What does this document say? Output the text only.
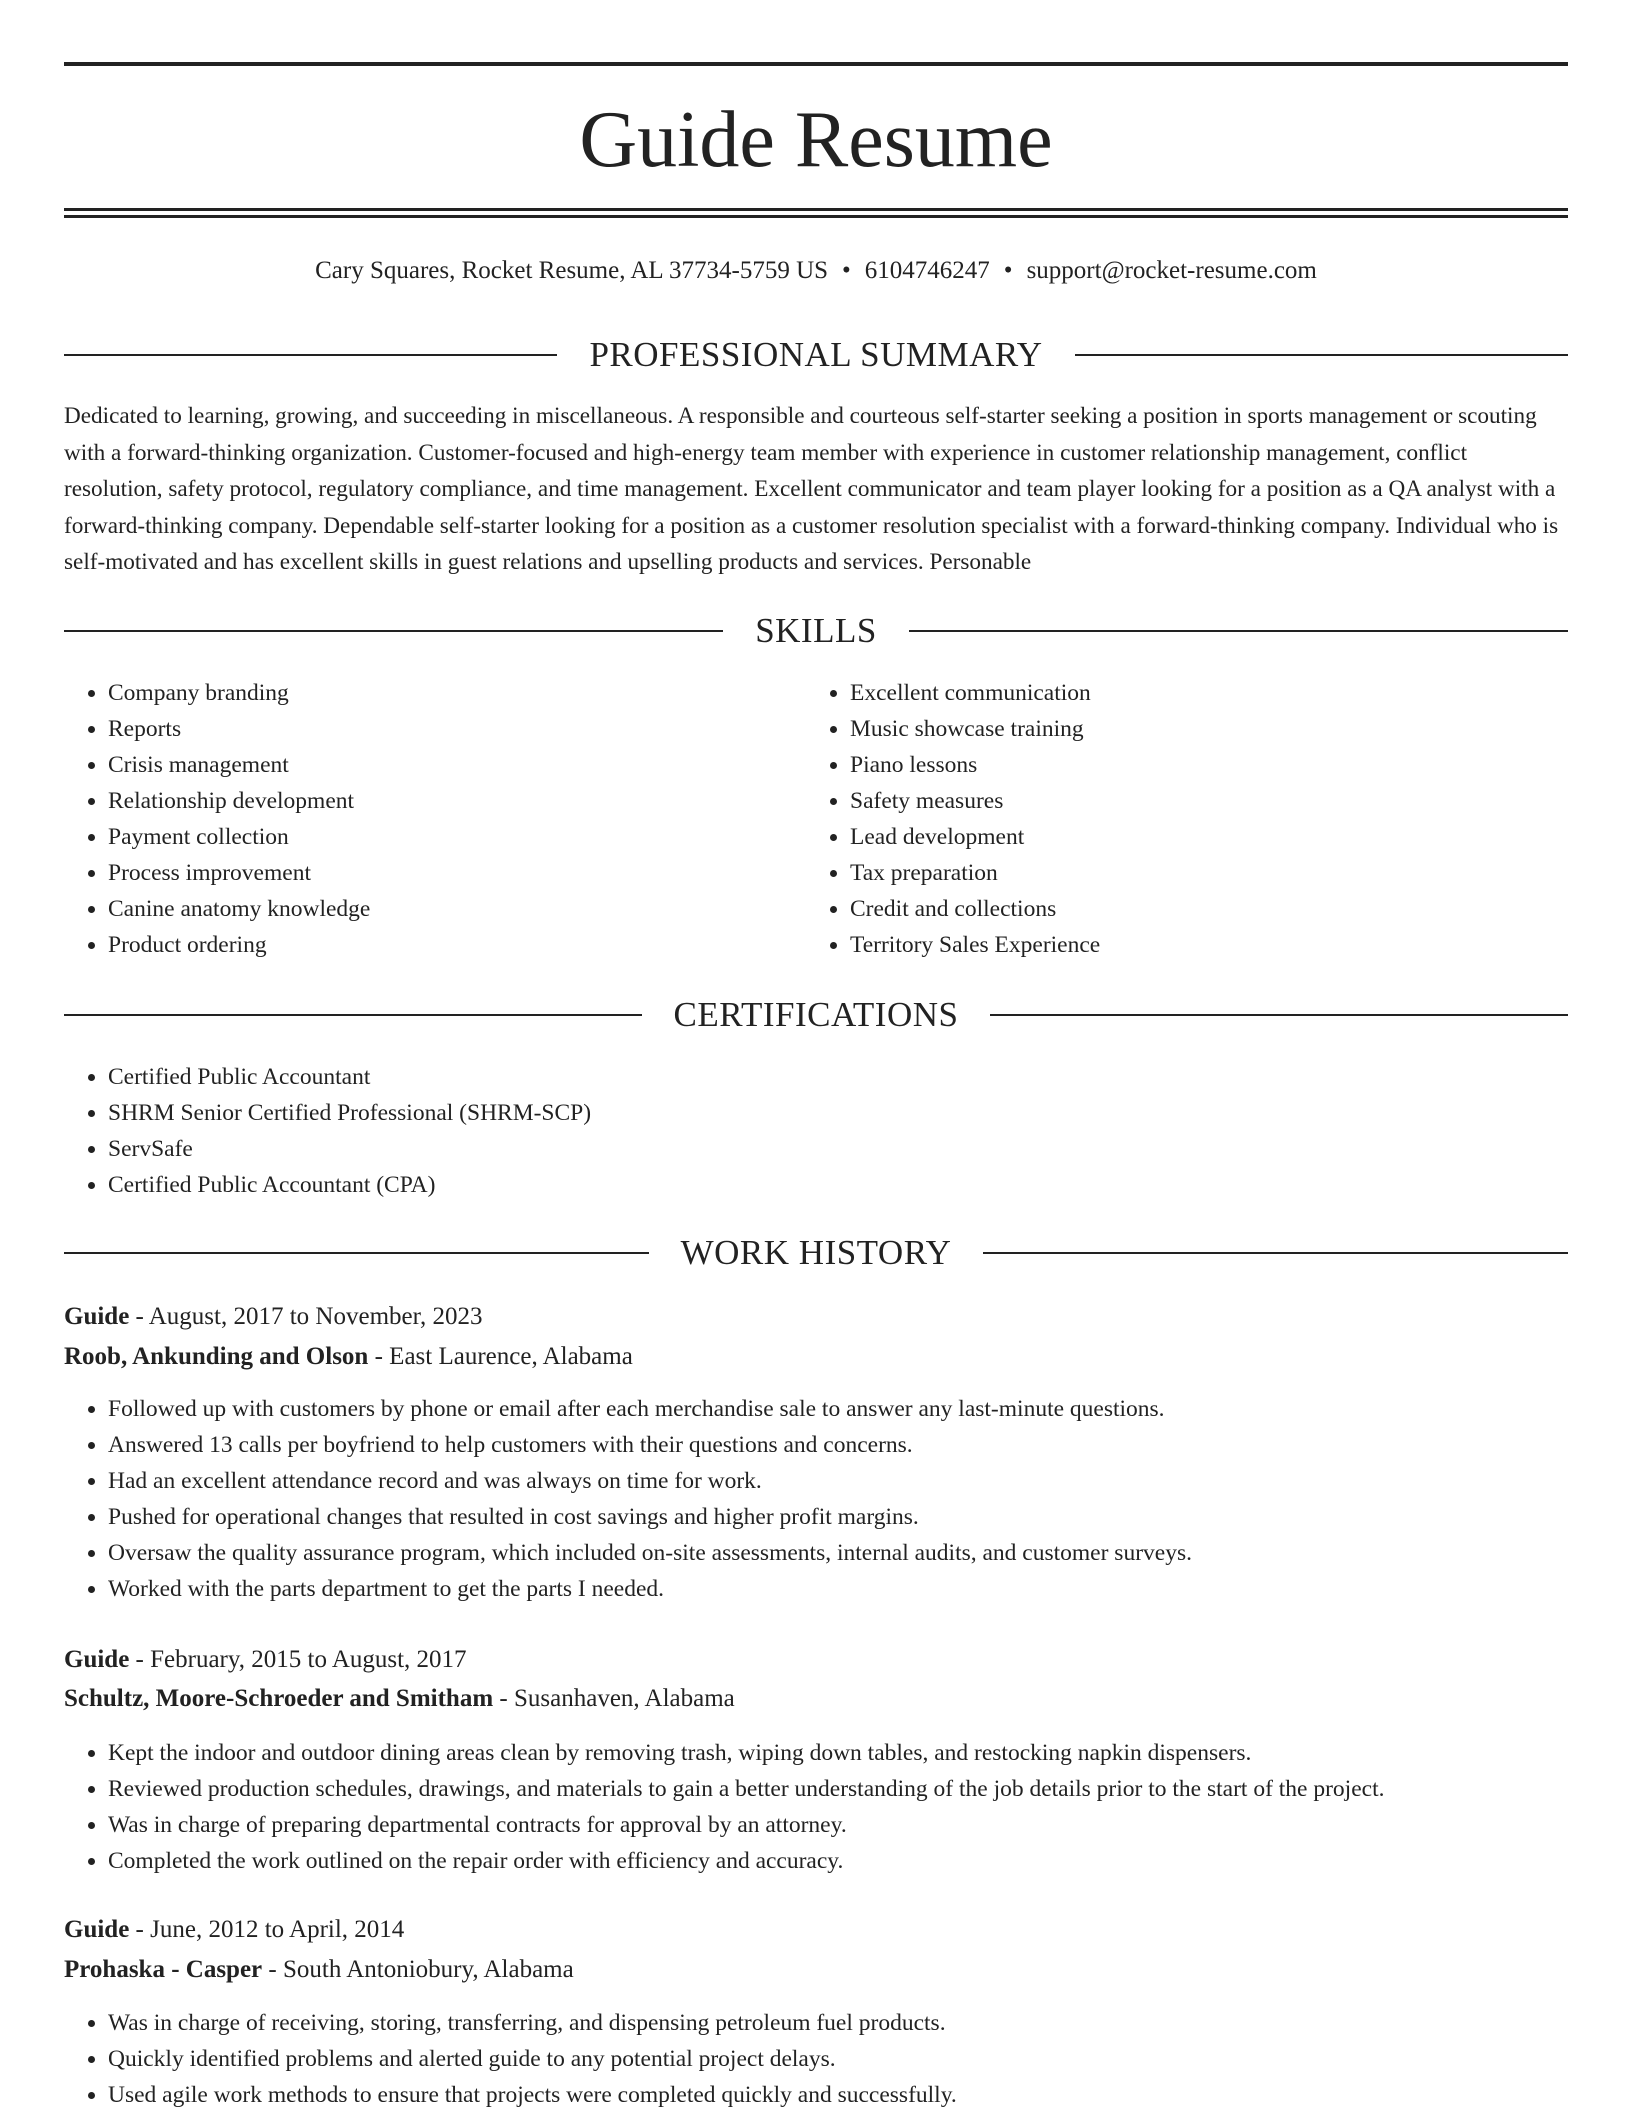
Guide Resume
Cary Squares, Rocket Resume, AL 37734-5759 US • 6104746247 • support@rocket-resume.com
PROFESSIONAL SUMMARY

Dedicated to learning, growing, and succeeding in miscellaneous. A responsible and courteous self-starter seeking a position in sports management or scouting with a forward-thinking organization. Customer-focused and high-energy team member with experience in customer relationship management, conflict resolution, safety protocol, regulatory compliance, and time management. Excellent communicator and team player looking for a position as a QA analyst with a forward-thinking company. Dependable self-starter looking for a position as a customer resolution specialist with a forward-thinking company. Individual who is self-motivated and has excellent skills in guest relations and upselling products and services. Personable

SKILLS
• Company branding
• Reports
• Crisis management
• Relationship development
• Payment collection
• Process improvement
• Canine anatomy knowledge
• Product ordering
• Excellent communication
• Music showcase training
• Piano lessons
• Safety measures
• Lead development
• Tax preparation
• Credit and collections
• Territory Sales Experience
CERTIFICATIONS
• Certified Public Accountant
• SHRM Senior Certified Professional (SHRM-SCP)
• ServSafe
• Certified Public Accountant (CPA)
WORK HISTORY
Guide - August, 2017 to November, 2023
Roob, Ankunding and Olson - East Laurence, Alabama
• Followed up with customers by phone or email after each merchandise sale to answer any last-minute questions.
• Answered 13 calls per boyfriend to help customers with their questions and concerns.
• Had an excellent attendance record and was always on time for work.
• Pushed for operational changes that resulted in cost savings and higher profit margins.
• Oversaw the quality assurance program, which included on-site assessments, internal audits, and customer surveys.
• Worked with the parts department to get the parts I needed.
Guide - February, 2015 to August, 2017
Schultz, Moore-Schroeder and Smitham - Susanhaven, Alabama
• Kept the indoor and outdoor dining areas clean by removing trash, wiping down tables, and restocking napkin dispensers.
• Reviewed production schedules, drawings, and materials to gain a better understanding of the job details prior to the start of the project.
• Was in charge of preparing departmental contracts for approval by an attorney.
• Completed the work outlined on the repair order with efficiency and accuracy.
Guide - June, 2012 to April, 2014
Prohaska - Casper - South Antoniobury, Alabama
• Was in charge of receiving, storing, transferring, and dispensing petroleum fuel products.
• Quickly identified problems and alerted guide to any potential project delays.
• Used agile work methods to ensure that projects were completed quickly and successfully.
